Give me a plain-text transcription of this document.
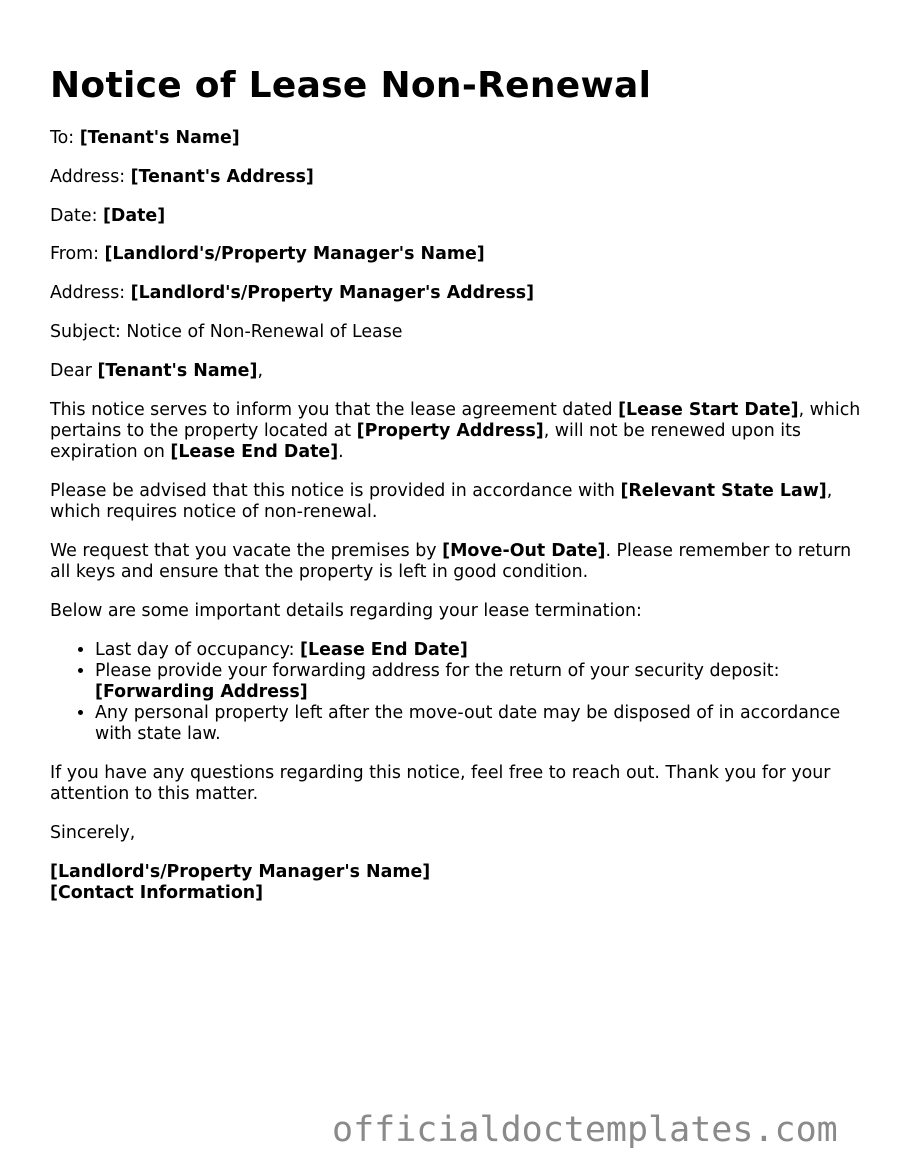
Notice of Lease Non-Renewal

To: [Tenant's Name]

Address: [Tenant's Address]

Date: [Date]

From: [Landlord's/Property Manager's Name]

Address: [Landlord's/Property Manager's Address]

Subject: Notice of Non-Renewal of Lease

Dear [Tenant's Name],

This notice serves to inform you that the lease agreement dated [Lease Start Date], which pertains to the property located at [Property Address], will not be renewed upon its expiration on [Lease End Date].

Please be advised that this notice is provided in accordance with [Relevant State Law], which requires notice of non-renewal.

We request that you vacate the premises by [Move-Out Date]. Please remember to return all keys and ensure that the property is left in good condition.

Below are some important details regarding your lease termination:

• Last day of occupancy: [Lease End Date]
• Please provide your forwarding address for the return of your security deposit: [Forwarding Address]
• Any personal property left after the move-out date may be disposed of in accordance with state law.

If you have any questions regarding this notice, feel free to reach out. Thank you for your attention to this matter.

Sincerely,

[Landlord's/Property Manager's Name]
[Contact Information]
officialdoctemplates.com
